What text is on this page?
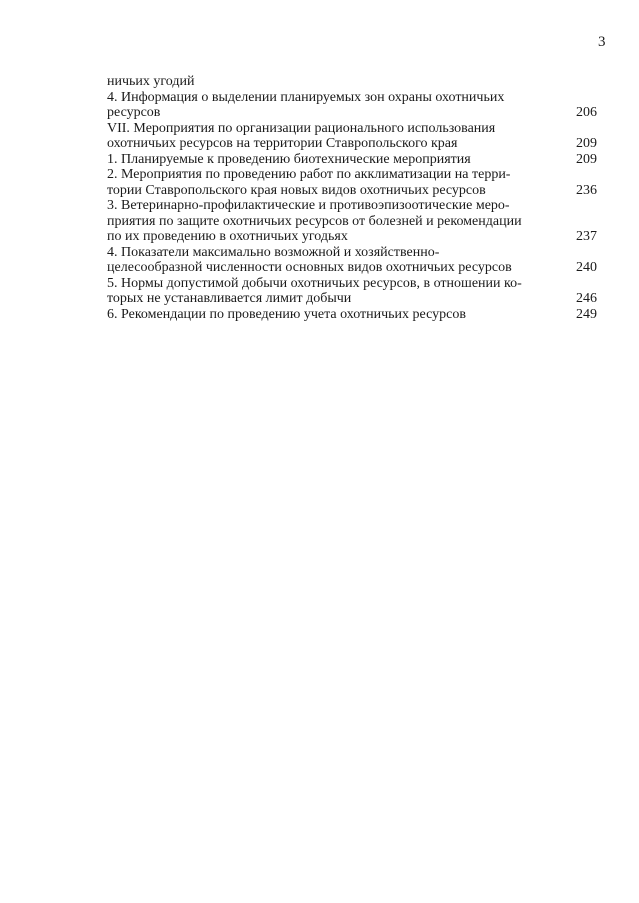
3
ничьих угодий
4. Информация о выделении планируемых зон охраны охотничьих
ресурсов	206
VII. Мероприятия по организации рационального использования
охотничьих ресурсов на территории Ставропольского края	209
1. Планируемые к проведению биотехнические мероприятия	209
2. Мероприятия по проведению работ по акклиматизации на терри-
тории Ставропольского края новых видов охотничьих ресурсов	236
3. Ветеринарно-профилактические и противоэпизоотические меро-
приятия по защите охотничьих ресурсов от болезней и рекомендации
по их проведению в охотничьих угодьях	237
4. Показатели максимально возможной и хозяйственно-
целесообразной численности основных видов охотничьих ресурсов	240
5. Нормы допустимой добычи охотничьих ресурсов, в отношении ко-
торых не устанавливается лимит добычи	246
6. Рекомендации по проведению учета охотничьих ресурсов	249
